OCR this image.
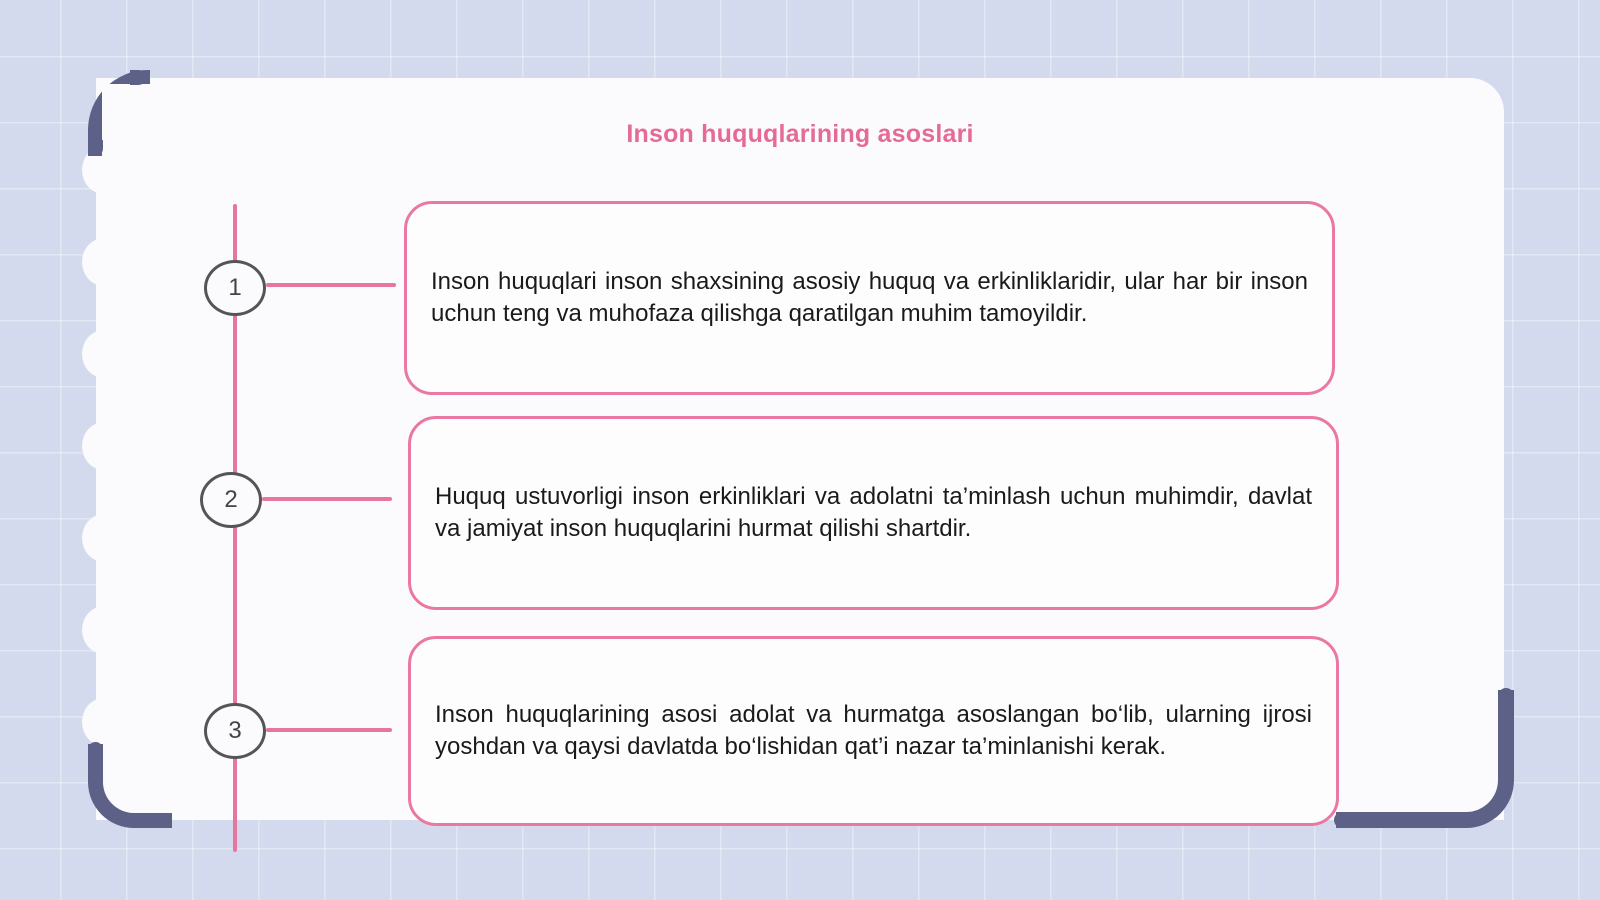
Inson huquqlarining asoslari
1
2
3

Inson huquqlari inson shaxsining asosiy huquq va erkinliklaridir, ular har bir inson uchun teng va muhofaza qilishga qaratilgan muhim tamoyildir.

Huquq ustuvorligi inson erkinliklari va adolatni ta’minlash uchun muhimdir, davlat va jamiyat inson huquqlarini hurmat qilishi shartdir.

Inson huquqlarining asosi adolat va hurmatga asoslangan bo‘lib, ularning ijrosi yoshdan va qaysi davlatda bo‘lishidan qat’i nazar ta’minlanishi kerak.
